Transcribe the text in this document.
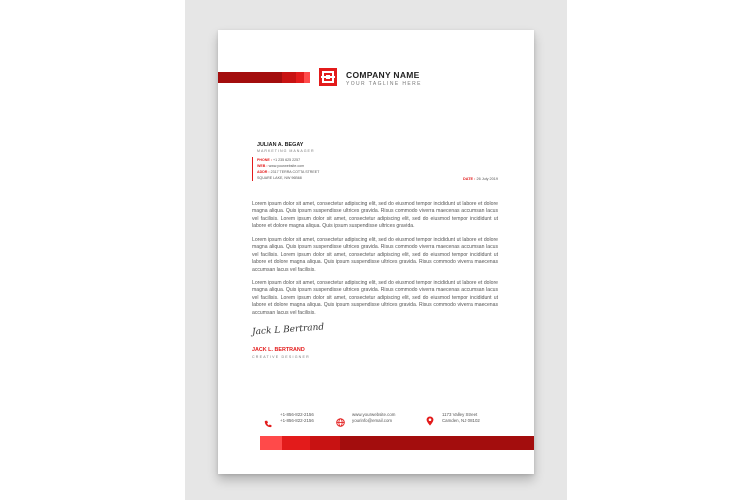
COMPANY NAME
YOUR TAGLINE HERE
JULIAN A. BEGAY
MARKETING MANAGER
PHONE : +1 235 625 2257
WEB : www.yourwebsite.com
ADDR : 2317 TERRA COTTA STREET
SQUARE LAKE, NW 96B68	DATE : 26 July 2019

Lorem ipsum dolor sit amet, consectetur adipiscing elit, sed do eiusmod tempor incididunt ut labore et dolore magna aliqua. Quis ipsum suspendisse ultrices gravida. Risus commodo viverra maecenas accumsan lacus vel facilisis. Lorem ipsum dolor sit amet, consectetur adipiscing elit, sed do eiusmod tempor incididunt ut labore et dolore magna aliqua. Quis ipsum suspendisse ultrices gravida.

Lorem ipsum dolor sit amet, consectetur adipiscing elit, sed do eiusmod tempor incididunt ut labore et dolore magna aliqua. Quis ipsum suspendisse ultrices gravida. Risus commodo viverra maecenas accumsan lacus vel facilisis. Lorem ipsum dolor sit amet, consectetur adipiscing elit, sed do eiusmod tempor incididunt ut labore et dolore magna aliqua. Quis ipsum suspendisse ultrices gravida. Risus commodo viverra maecenas accumsan lacus vel facilisis.

Lorem ipsum dolor sit amet, consectetur adipiscing elit, sed do eiusmod tempor incididunt ut labore et dolore magna aliqua. Quis ipsum suspendisse ultrices gravida. Risus commodo viverra maecenas accumsan lacus vel facilisis. Lorem ipsum dolor sit amet, consectetur adipiscing elit, sed do eiusmod tempor incididunt ut labore et dolore magna aliqua. Quis ipsum suspendisse ultrices gravida. Risus commodo viverra maecenas accumsan lacus vel facilisis.

Jack L Bertrand
JACK L. BERTRAND
CREATIVE DESIGNER
+1-856-822-2156
+1-856-822-2156
www.yourwebsite.com
yourinfo@email.com
1173 Valley Street
Camden, NJ 08102
